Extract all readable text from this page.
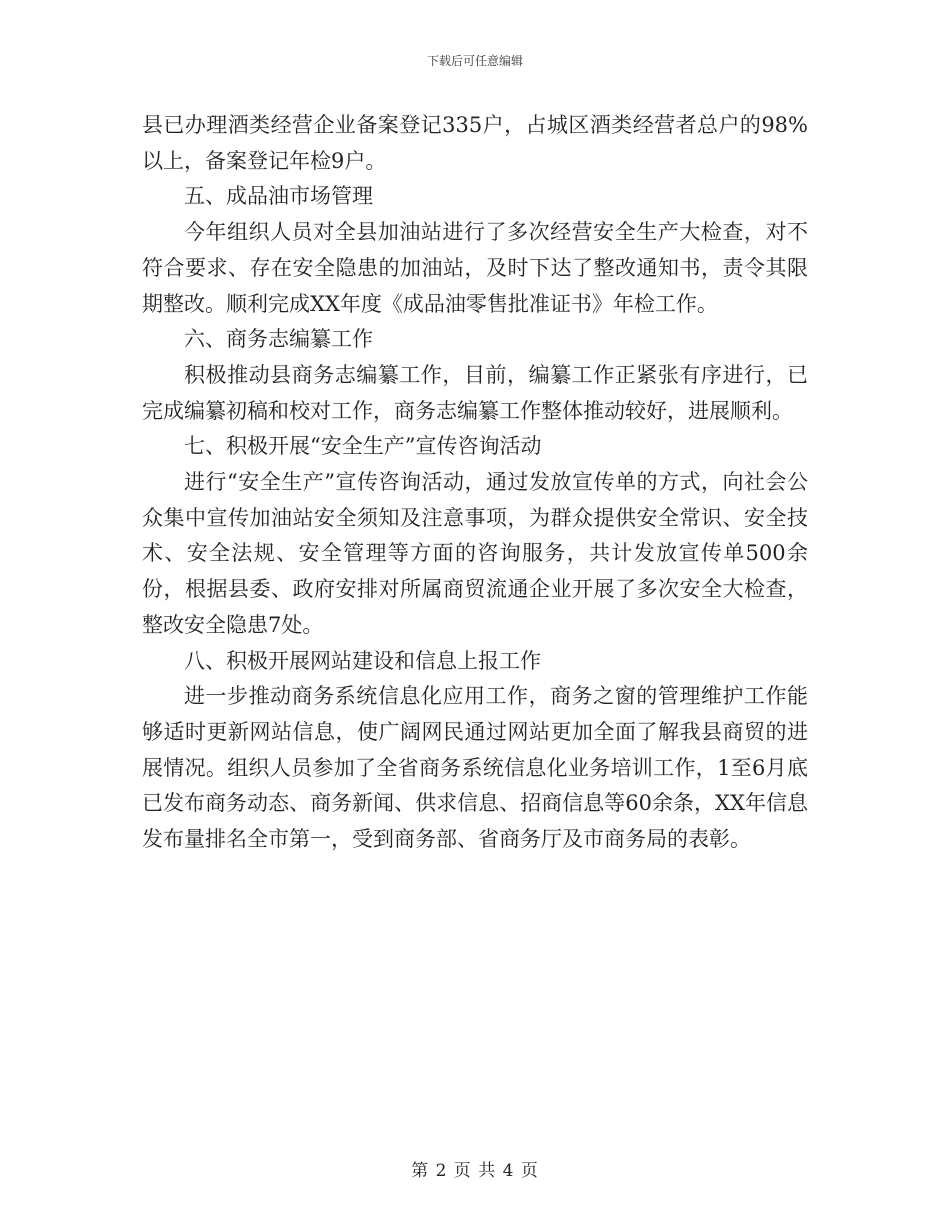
下载后可任意编辑

县已办理酒类经营企业备案登记335户，占城区酒类经营者总户的98%以上，备案登记年检9户。

五、成品油市场管理

今年组织人员对全县加油站进行了多次经营安全生产大检查，对不符合要求、存在安全隐患的加油站，及时下达了整改通知书，责令其限期整改。顺利完成XX年度《成品油零售批准证书》年检工作。

六、商务志编纂工作

积极推动县商务志编纂工作，目前，编纂工作正紧张有序进行，已完成编纂初稿和校对工作，商务志编纂工作整体推动较好，进展顺利。

七、积极开展“安全生产”宣传咨询活动

进行“安全生产”宣传咨询活动，通过发放宣传单的方式，向社会公众集中宣传加油站安全须知及注意事项，为群众提供安全常识、安全技术、安全法规、安全管理等方面的咨询服务，共计发放宣传单500余份，根据县委、政府安排对所属商贸流通企业开展了多次安全大检查，整改安全隐患7处。

八、积极开展网站建设和信息上报工作

进一步推动商务系统信息化应用工作，商务之窗的管理维护工作能够适时更新网站信息，使广阔网民通过网站更加全面了解我县商贸的进展情况。组织人员参加了全省商务系统信息化业务培训工作，1至6月底已发布商务动态、商务新闻、供求信息、招商信息等60余条，XX年信息发布量排名全市第一，受到商务部、省商务厅及市商务局的表彰。

第 2 页 共 4 页
